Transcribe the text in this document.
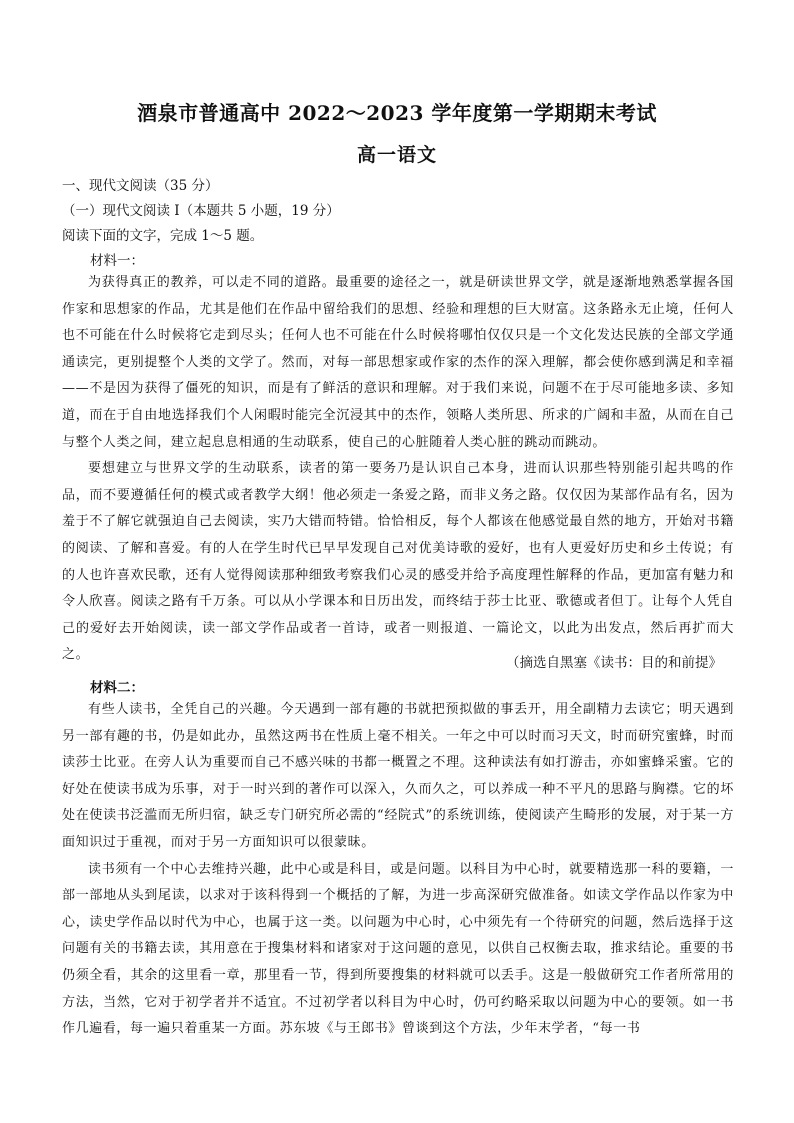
酒泉市普通高中 2022～2023 学年度第一学期期末考试
高一语文
一、现代文阅读（35 分）
（一）现代文阅读 I（本题共 5 小题，19 分）
阅读下面的文字，完成 1～5 题。
材料一：

为获得真正的教养，可以走不同的道路。最重要的途径之一，就是研读世界文学，就是逐渐地熟悉掌握各国作家和思想家的作品，尤其是他们在作品中留给我们的思想、经验和理想的巨大财富。这条路永无止境，任何人也不可能在什么时候将它走到尽头；任何人也不可能在什么时候将哪怕仅仅只是一个文化发达民族的全部文学通通读完，更别提整个人类的文学了。然而，对每一部思想家或作家的杰作的深入理解，都会使你感到满足和幸福——不是因为获得了僵死的知识，而是有了鲜活的意识和理解。对于我们来说，问题不在于尽可能地多读、多知道，而在于自由地选择我们个人闲暇时能完全沉浸其中的杰作，领略人类所思、所求的广阔和丰盈，从而在自己与整个人类之间，建立起息息相通的生动联系，使自己的心脏随着人类心脏的跳动而跳动。

要想建立与世界文学的生动联系，读者的第一要务乃是认识自己本身，进而认识那些特别能引起共鸣的作品，而不要遵循任何的模式或者教学大纲！他必须走一条爱之路，而非义务之路。仅仅因为某部作品有名，因为羞于不了解它就强迫自己去阅读，实乃大错而特错。恰恰相反，每个人都该在他感觉最自然的地方，开始对书籍的阅读、了解和喜爱。有的人在学生时代已早早发现自己对优美诗歌的爱好，也有人更爱好历史和乡土传说；有的人也许喜欢民歌，还有人觉得阅读那种细致考察我们心灵的感受并给予高度理性解释的作品，更加富有魅力和令人欣喜。阅读之路有千万条。可以从小学课本和日历出发，而终结于莎士比亚、歌德或者但丁。让每个人凭自己的爱好去开始阅读，读一部文学作品或者一首诗，或者一则报道、一篇论文，以此为出发点，然后再扩而大之。

（摘选自黑塞《读书：目的和前提》
材料二：

有些人读书，全凭自己的兴趣。今天遇到一部有趣的书就把预拟做的事丢开，用全副精力去读它；明天遇到另一部有趣的书，仍是如此办，虽然这两书在性质上毫不相关。一年之中可以时而习天文，时而研究蜜蜂，时而读莎士比亚。在旁人认为重要而自己不感兴味的书都一概置之不理。这种读法有如打游击，亦如蜜蜂采蜜。它的好处在使读书成为乐事，对于一时兴到的著作可以深入，久而久之，可以养成一种不平凡的思路与胸襟。它的坏处在使读书泛滥而无所归宿，缺乏专门研究所必需的“经院式”的系统训练，使阅读产生畸形的发展，对于某一方面知识过于重视，而对于另一方面知识可以很蒙昧。

读书须有一个中心去维持兴趣，此中心或是科目，或是问题。以科目为中心时，就要精选那一科的要籍，一部一部地从头到尾读，以求对于该科得到一个概括的了解，为进一步高深研究做准备。如读文学作品以作家为中心，读史学作品以时代为中心，也属于这一类。以问题为中心时，心中须先有一个待研究的问题，然后选择于这问题有关的书籍去读，其用意在于搜集材料和诸家对于这问题的意见，以供自己权衡去取，推求结论。重要的书仍须全看，其余的这里看一章，那里看一节，得到所要搜集的材料就可以丢手。这是一般做研究工作者所常用的方法，当然，它对于初学者并不适宜。不过初学者以科目为中心时，仍可约略采取以问题为中心的要领。如一书作几遍看，每一遍只着重某一方面。苏东坡《与王郎书》曾谈到这个方法，少年末学者，“每一书
